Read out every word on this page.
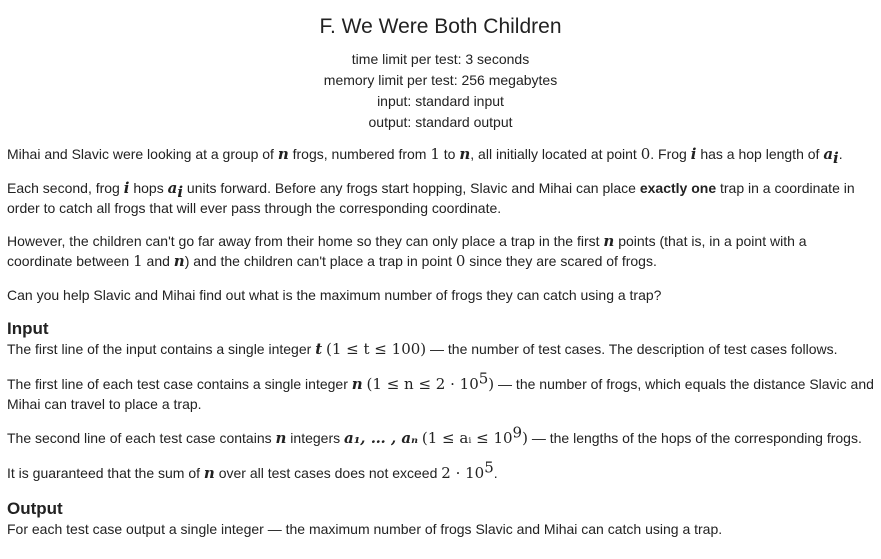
F. We Were Both Children
time limit per test: 3 seconds
memory limit per test: 256 megabytes
input: standard input
output: standard output

Mihai and Slavic were looking at a group of n frogs, numbered from 1 to n, all initially located at point 0. Frog i has a hop length of $a_i$.

Each second, frog i hops $a_i$ units forward. Before any frogs start hopping, Slavic and Mihai can place exactly one trap in a coordinate in order to catch all frogs that will ever pass through the corresponding coordinate.

However, the children can't go far away from their home so they can only place a trap in the first n points (that is, in a point with a coordinate between 1 and n) and the children can't place a trap in point 0 since they are scared of frogs.

Can you help Slavic and Mihai find out what is the maximum number of frogs they can catch using a trap?

Input

The first line of the input contains a single integer t (1 ≤ t ≤ 100) — the number of test cases. The description of test cases follows.

The first line of each test case contains a single integer n $(1 \le n \le 2 \cdot 10^5)$ — the number of frogs, which equals the distance Slavic and Mihai can travel to place a trap.

The second line of each test case contains n integers a₁, … , aₙ (1 ≤ aᵢ ≤ $10^9$) — the lengths of the hops of the corresponding frogs.

It is guaranteed that the sum of n over all test cases does not exceed $2 \cdot 10^5$.

Output

For each test case output a single integer — the maximum number of frogs Slavic and Mihai can catch using a trap.
